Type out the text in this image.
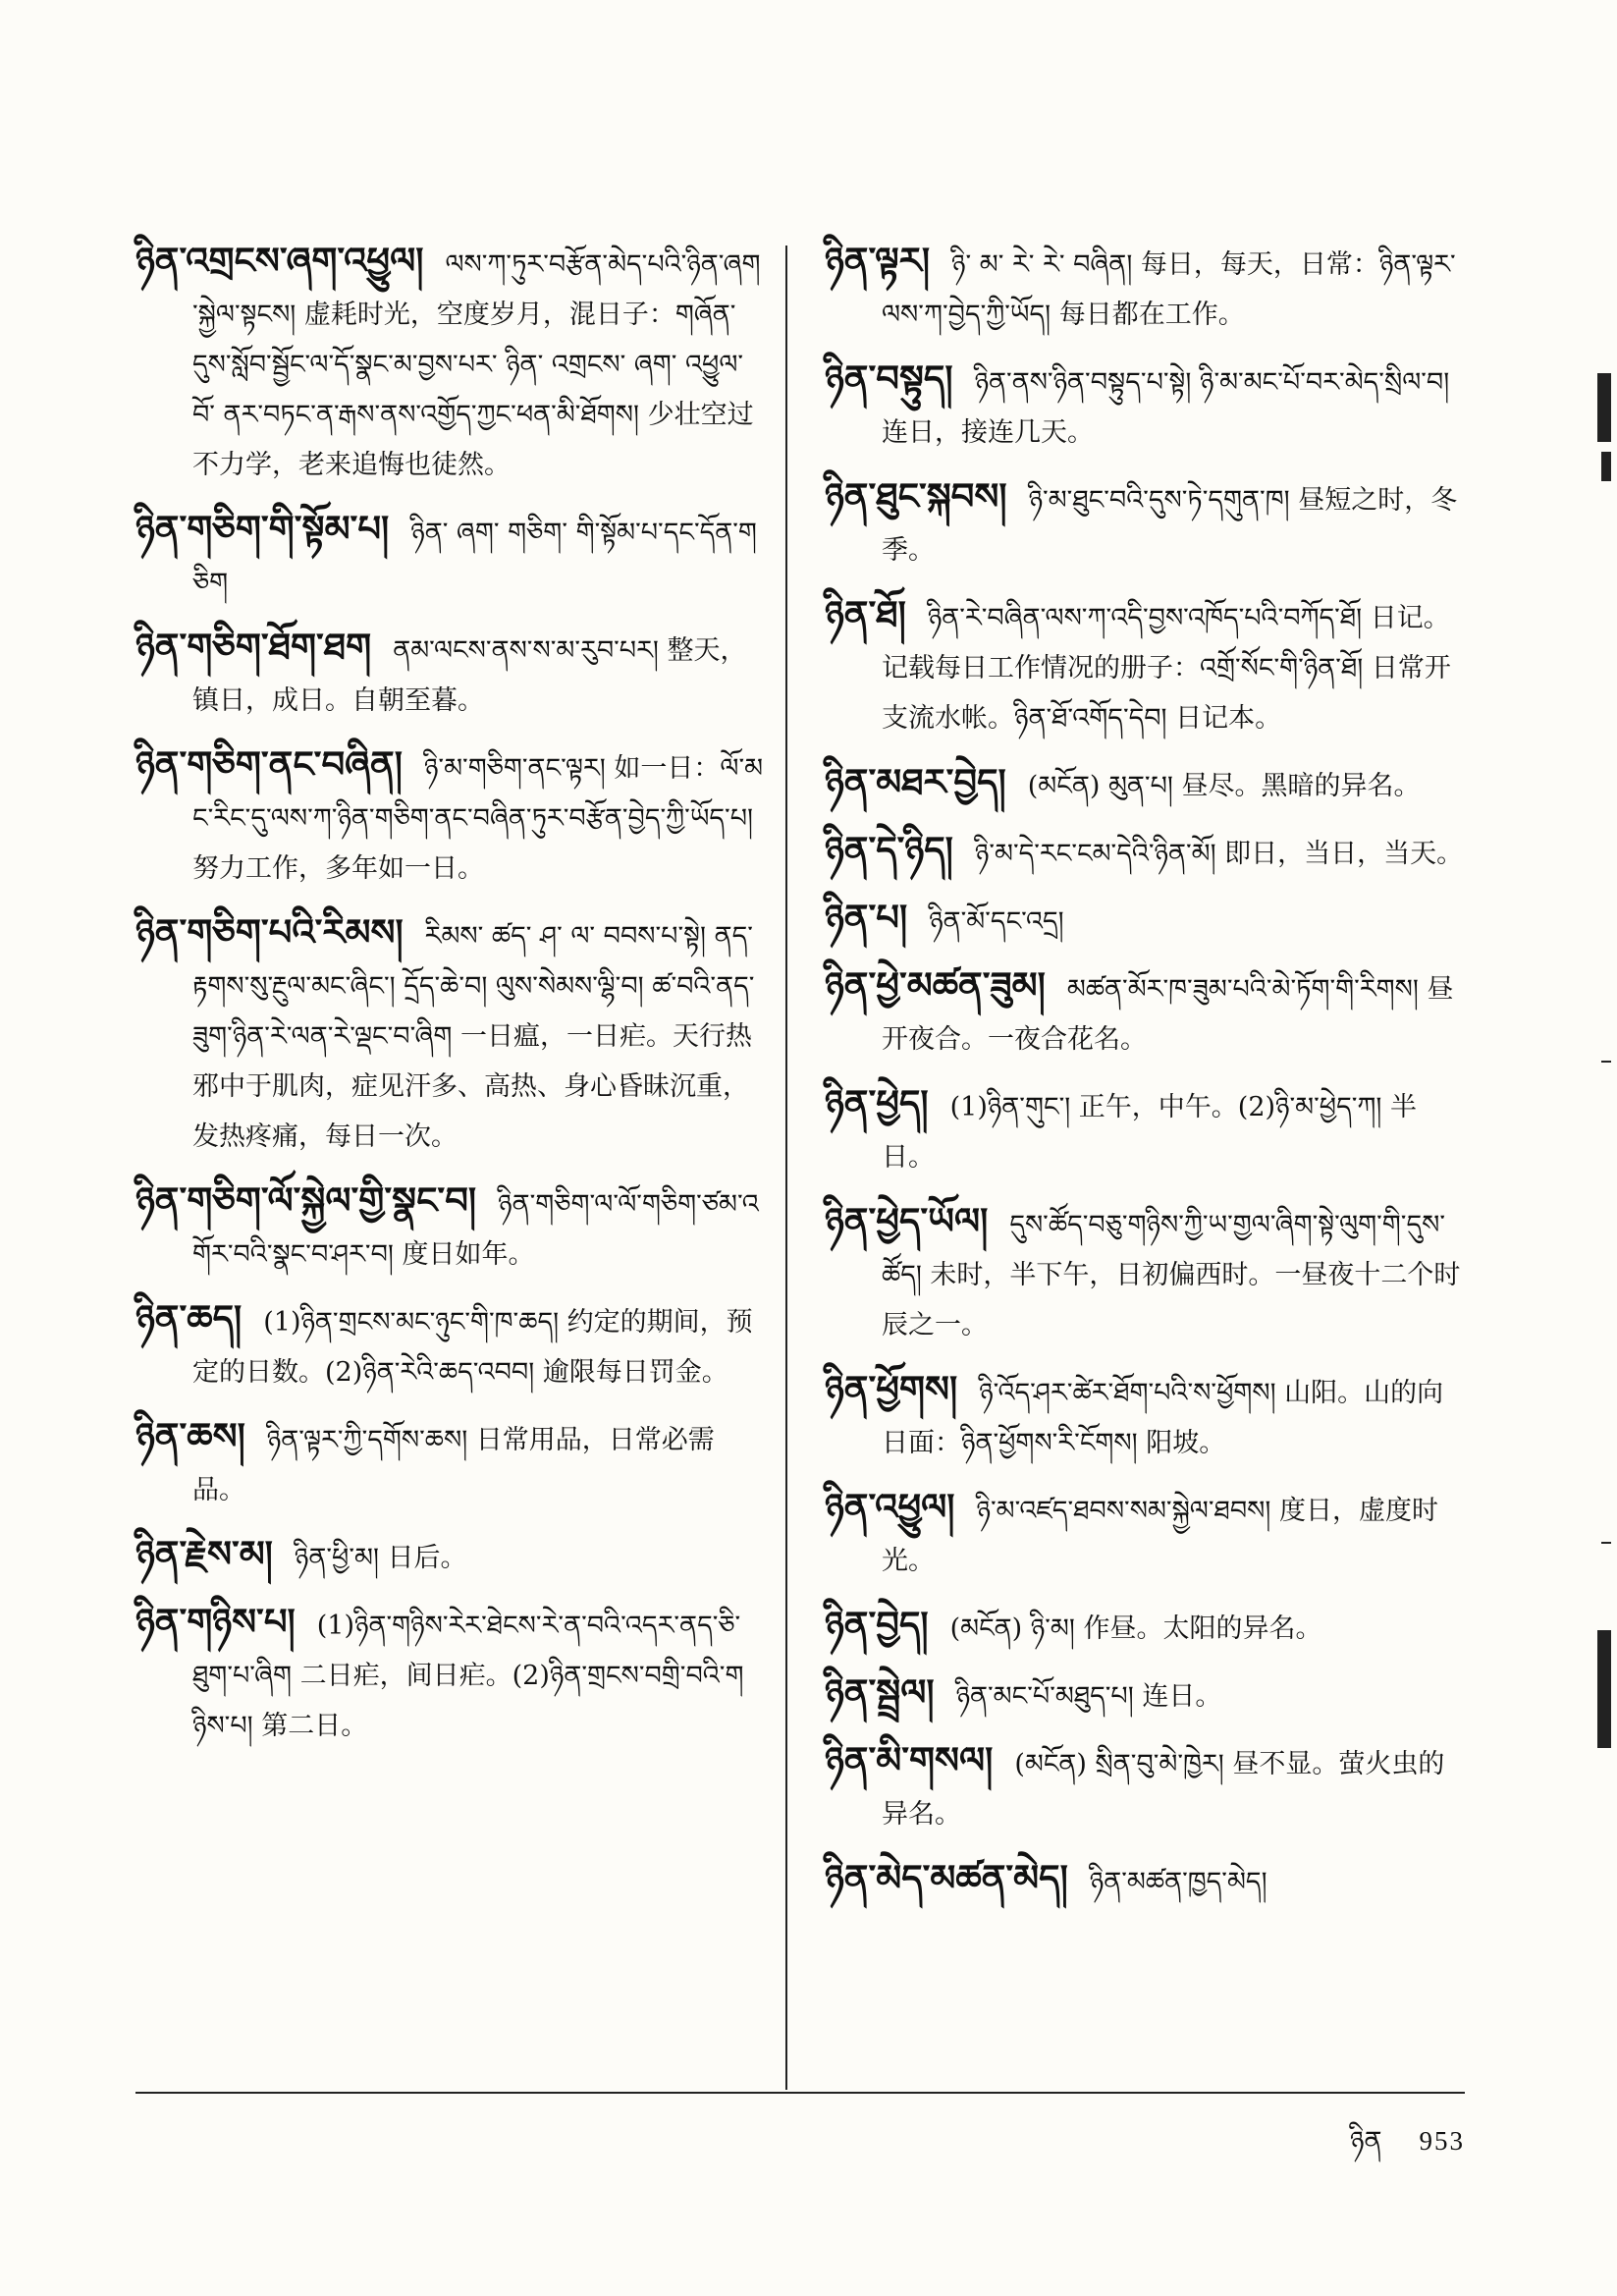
ཉིན་འགྲངས་ཞག་འཕྱུལ། ལས་ཀ་ཏུར་བརྩོན་མེད་པའི་ཉིན་ཞག་སྐྱེལ་སྟངས། 虚耗时光，空度岁月，混日子：གཞོན་དུས་སློབ་སྦྱོང་ལ་དོ་སྣང་མ་བྱས་པར་ ཉིན་ འགྲངས་ ཞག་ འཕྱུལ་ བོ་ ནར་བཏང་ན་རྒས་ནས་འགྱོད་ཀྱང་ཕན་མི་ཐོགས། 少壮空过不力学，老来追悔也徒然。

ཉིན་གཅིག་གི་སྟོམ་པ། ཉིན་ ཞག་ གཅིག་ གི་སྟོམ་པ་དང་དོན་གཅིག

ཉིན་གཅིག་ཐོག་ཐག ནམ་ལངས་ནས་ས་མ་རུབ་པར། 整天，镇日，成日。自朝至暮。

ཉིན་གཅིག་ནང་བཞིན། ཉི་མ་གཅིག་ནང་ལྟར། 如一日：ལོ་མང་རིང་དུ་ལས་ཀ་ཉིན་གཅིག་ནང་བཞིན་ཏུར་བརྩོན་བྱེད་ཀྱི་ཡོད་པ། 努力工作，多年如一日。

ཉིན་གཅིག་པའི་རིམས། རིམས་ ཚད་ ཤ་ ལ་ བབས་པ་སྟེ། ནད་རྟགས་སུ་རྔུལ་མང་ཞིང་། དྲོད་ཆེ་བ། ལུས་སེམས་ལྷི་བ། ཚ་བའི་ནད་ཟུག་ཉིན་རེ་ལན་རེ་ལྡང་བ་ཞིག 一日瘟，一日疟。天行热邪中于肌肉，症见汗多、高热、身心昏昧沉重，发热疼痛，每日一次。

ཉིན་གཅིག་ལོ་སྐྱེལ་གྱི་སྣང་བ། ཉིན་གཅིག་ལ་ལོ་གཅིག་ཙམ་འགོར་བའི་སྣང་བ་ཤར་བ། 度日如年。

ཉིན་ཆད། (1)ཉིན་གྲངས་མང་ཉུང་གི་ཁ་ཆད། 约定的期间，预定的日数。(2)ཉིན་རེའི་ཆད་འབབ། 逾限每日罚金。

ཉིན་ཆས། ཉིན་ལྟར་ཀྱི་དགོས་ཆས། 日常用品，日常必需品。

ཉིན་རྗེས་མ། ཉིན་ཕྱི་མ། 日后。

ཉིན་གཉིས་པ། (1)ཉིན་གཉིས་རེར་ཐེངས་རེ་ན་བའི་འདར་ནད་ཅི་ཐུག་པ་ཞིག 二日疟，间日疟。(2)ཉིན་གྲངས་བགྲི་བའི་གཉིས་པ། 第二日。

ཉིན་ལྟར། ཉི་ མ་ རེ་ རེ་ བཞིན། 每日，每天，日常：ཉིན་ལྟར་ལས་ཀ་བྱེད་ཀྱི་ཡོད། 每日都在工作。

ཉིན་བསྟུད། ཉིན་ནས་ཉིན་བསྟུད་པ་སྟེ། ཉི་མ་མང་པོ་བར་མེད་སྲིལ་བ། 连日，接连几天。

ཉིན་ཐུང་སྐབས། ཉི་མ་ཐུང་བའི་དུས་ཏེ་དགུན་ཁ། 昼短之时，冬季。

ཉིན་ཐོ། ཉིན་རེ་བཞིན་ལས་ཀ་འདི་བྱས་འཁོད་པའི་བཀོད་ཐོ། 日记。记载每日工作情况的册子：འགྲོ་སོང་གི་ཉིན་ཐོ། 日常开支流水帐。ཉིན་ཐོ་འགོད་དེབ། 日记本。

ཉིན་མཐར་བྱེད། (མངོན) མུན་པ། 昼尽。黑暗的异名。

ཉིན་དེ་ཉིད། ཉི་མ་དེ་རང་ངམ་དེའི་ཉིན་མོ། 即日，当日，当天。

ཉིན་པ། ཉིན་མོ་དང་འདྲ།

ཉིན་ཕྱེ་མཚན་ཟུམ། མཚན་མོར་ཁ་ཟུམ་པའི་མེ་ཏོག་གི་རིགས། 昼开夜合。一夜合花名。

ཉིན་ཕྱེད། (1)ཉིན་གུང་། 正午，中午。(2)ཉི་མ་ཕྱེད་ཀ། 半日。

ཉིན་ཕྱེད་ཡོལ། དུས་ཚོད་བཅུ་གཉིས་ཀྱི་ཡ་གྱལ་ཞིག་སྟེ་ལུག་གི་དུས་ཚོད། 未时，半下午，日初偏西时。一昼夜十二个时辰之一。

ཉིན་ཕྱོགས། ཉི་འོད་ཤར་ཚེར་ཐོག་པའི་ས་ཕྱོགས། 山阳。山的向日面：ཉིན་ཕྱོགས་རི་ངོགས། 阳坡。

ཉིན་འཕྱུལ། ཉི་མ་འཛད་ཐབས་སམ་སྐྱེལ་ཐབས། 度日，虚度时光。

ཉིན་བྱེད། (མངོན) ཉི་མ། 作昼。太阳的异名。

ཉིན་སྦྲེལ། ཉིན་མང་པོ་མཐུད་པ། 连日。

ཉིན་མི་གསལ། (མངོན) སྲིན་བུ་མེ་ཁྱེར། 昼不显。萤火虫的异名。

ཉིན་མེད་མཚན་མེད། ཉིན་མཚན་ཁྱད་མེད།

ཉིན 953
